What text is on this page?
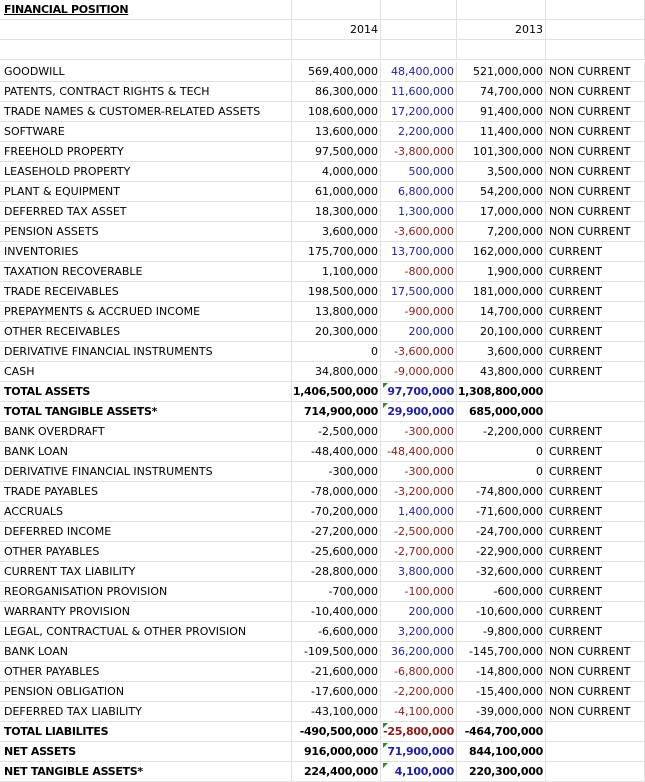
FINANCIAL POSITION
2014	2013
GOODWILL	569,400,000	48,400,000	521,000,000 NON CURRENT
PATENTS, CONTRACT RIGHTS & TECH	86,300,000	11,600,000	74,700,000 NON CURRENT
TRADE NAMES & CUSTOMER-RELATED ASSETS	108,600,000	17,200,000	91,400,000 NON CURRENT
SOFTWARE	13,600,000	2,200,000	11,400,000 NON CURRENT
FREEHOLD PROPERTY	97,500,000	-3,800,000	101,300,000 NON CURRENT
LEASEHOLD PROPERTY	4,000,000	500,000	3,500,000 NON CURRENT
PLANT & EQUIPMENT	61,000,000	6,800,000	54,200,000 NON CURRENT
DEFERRED TAX ASSET	18,300,000	1,300,000	17,000,000 NON CURRENT
PENSION ASSETS	3,600,000	-3,600,000	7,200,000 NON CURRENT
INVENTORIES	175,700,000	13,700,000	162,000,000 CURRENT
TAXATION RECOVERABLE	1,100,000	-800,000	1,900,000 CURRENT
TRADE RECEIVABLES	198,500,000	17,500,000	181,000,000 CURRENT
PREPAYMENTS & ACCRUED INCOME	13,800,000	-900,000	14,700,000 CURRENT
OTHER RECEIVABLES	20,300,000	200,000	20,100,000 CURRENT
DERIVATIVE FINANCIAL INSTRUMENTS	0	-3,600,000	3,600,000 CURRENT
CASH	34,800,000	-9,000,000	43,800,000 CURRENT
TOTAL ASSETS	1,406,500,000 97,700,000 1,308,800,000
TOTAL TANGIBLE ASSETS*	714,900,000 29,900,000	685,000,000
BANK OVERDRAFT	-2,500,000	-300,000	-2,200,000 CURRENT
BANK LOAN	-48,400,000 -48,400,000	0 CURRENT
DERIVATIVE FINANCIAL INSTRUMENTS	-300,000	-300,000	0 CURRENT
TRADE PAYABLES	-78,000,000	-3,200,000	-74,800,000 CURRENT
ACCRUALS	-70,200,000	1,400,000	-71,600,000 CURRENT
DEFERRED INCOME	-27,200,000	-2,500,000	-24,700,000 CURRENT
OTHER PAYABLES	-25,600,000	-2,700,000	-22,900,000 CURRENT
CURRENT TAX LIABILITY	-28,800,000	3,800,000	-32,600,000 CURRENT
REORGANISATION PROVISION	-700,000	-100,000	-600,000 CURRENT
WARRANTY PROVISION	-10,400,000	200,000	-10,600,000 CURRENT
LEGAL, CONTRACTUAL & OTHER PROVISION	-6,600,000	3,200,000	-9,800,000 CURRENT
BANK LOAN	-109,500,000	36,200,000	-145,700,000 NON CURRENT
OTHER PAYABLES	-21,600,000	-6,800,000	-14,800,000 NON CURRENT
PENSION OBLIGATION	-17,600,000	-2,200,000	-15,400,000 NON CURRENT
DEFERRED TAX LIABILITY	-43,100,000	-4,100,000	-39,000,000 NON CURRENT
TOTAL LIABILITES	-490,500,000 -25,800,000 -464,700,000
NET ASSETS	916,000,000 71,900,000	844,100,000
NET TANGIBLE ASSETS*	224,400,000	4,100,000	220,300,000
